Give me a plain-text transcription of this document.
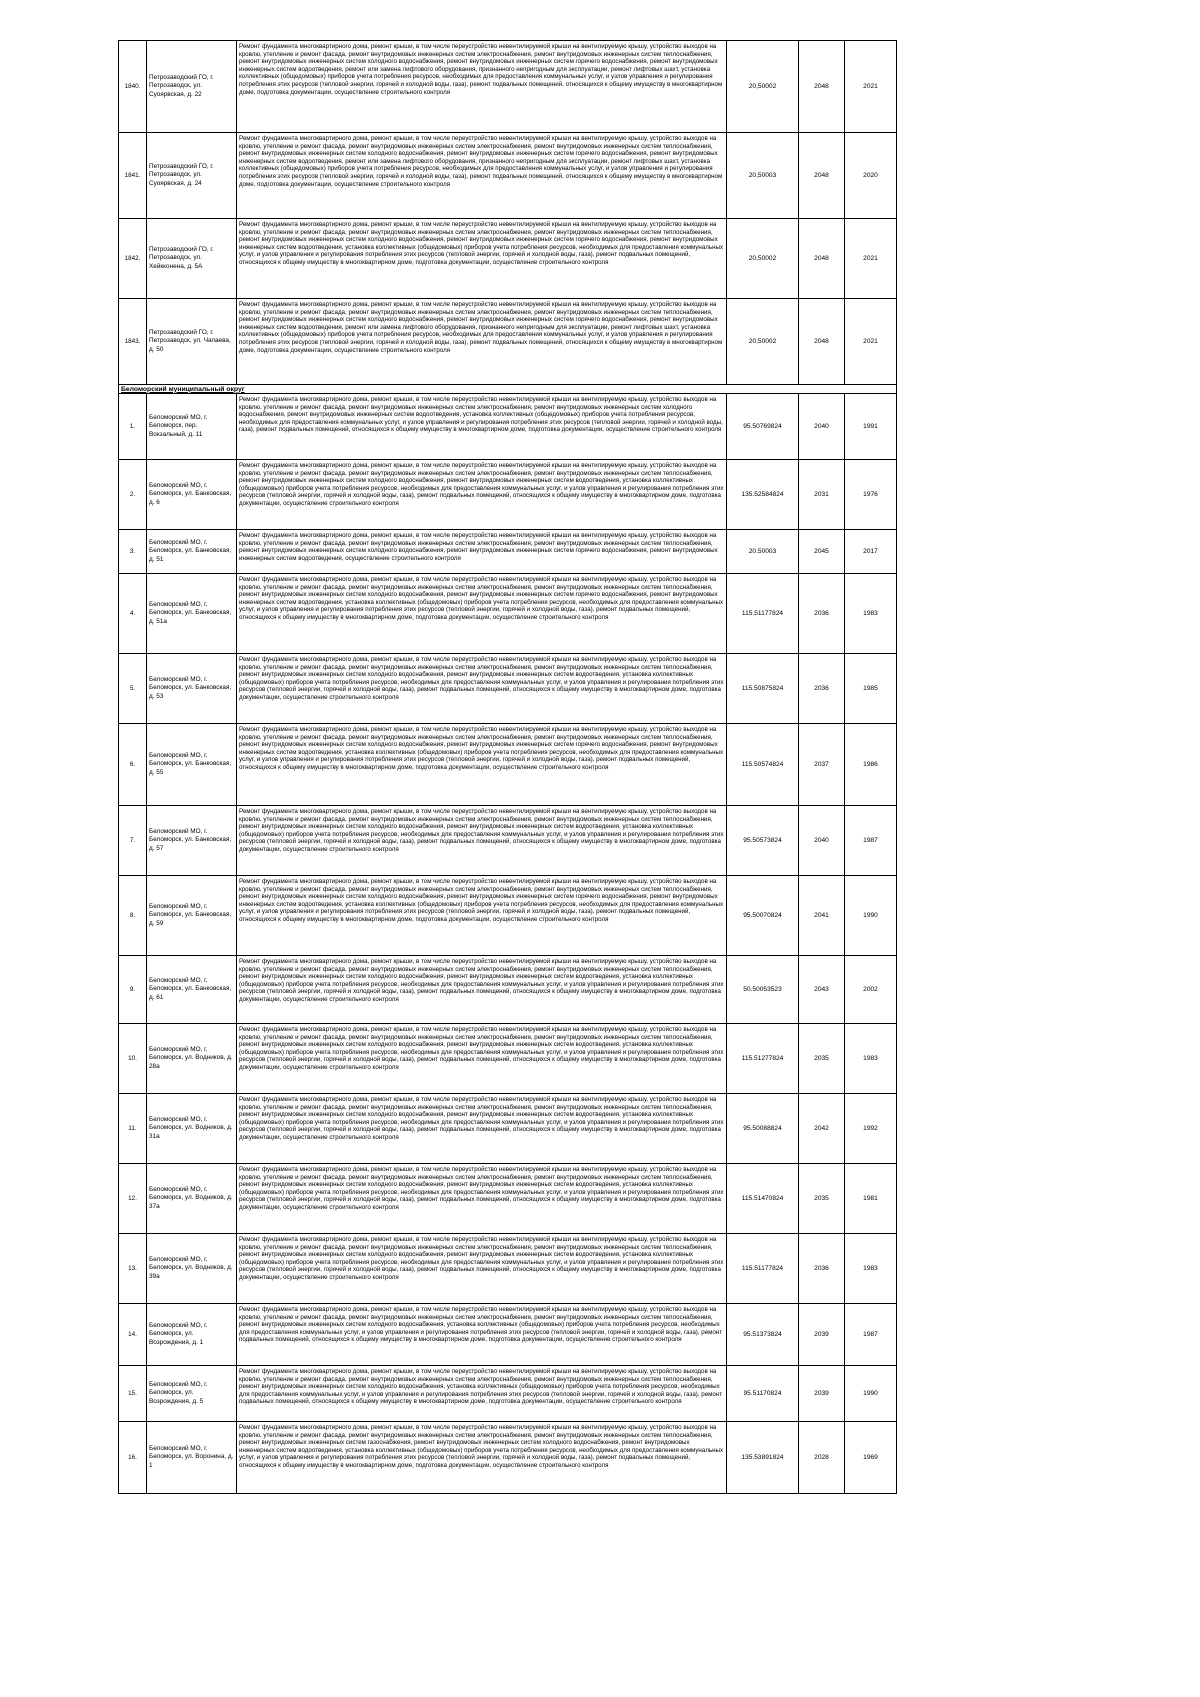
1840.	Петрозаводский ГО, г. Петрозаводск, ул. Суоярвская, д. 22	Ремонт фундамента многоквартирного дома, ремонт крыши, в том числе переустройство невентилируемой крыши на вентилируемую крышу, устройство выходов на кровлю, утепление и ремонт фасада, ремонт внутридомовых инженерных систем электроснабжения, ремонт внутридомовых инженерных систем теплоснабжения, ремонт внутридомовых инженерных систем холодного водоснабжения, ремонт внутридомовых инженерных систем горячего водоснабжения, ремонт внутридомовых инженерных систем водоотведения, ремонт или замена лифтового оборудования, признанного непригодным для эксплуатации, ремонт лифтовых шахт, установка коллективных (общедомовых) приборов учета потребления ресурсов, необходимых для предоставления коммунальных услуг, и узлов управления и регулирования потребления этих ресурсов (тепловой энергии, горячей и холодной воды, газа), ремонт подвальных помещений, относящихся к общему имуществу в многоквартирном доме, подготовка документации, осуществление строительного контроля	20,50002	2048	2021
1841.	Петрозаводский ГО, г. Петрозаводск, ул. Суоярвская, д. 24	Ремонт фундамента многоквартирного дома, ремонт крыши, в том числе переустройство невентилируемой крыши на вентилируемую крышу, устройство выходов на кровлю, утепление и ремонт фасада, ремонт внутридомовых инженерных систем электроснабжения, ремонт внутридомовых инженерных систем теплоснабжения, ремонт внутридомовых инженерных систем холодного водоснабжения, ремонт внутридомовых инженерных систем горячего водоснабжения, ремонт внутридомовых инженерных систем водоотведения, ремонт или замена лифтового оборудования, признанного непригодным для эксплуатации, ремонт лифтовых шахт, установка коллективных (общедомовых) приборов учета потребления ресурсов, необходимых для предоставления коммунальных услуг, и узлов управления и регулирования потребления этих ресурсов (тепловой энергии, горячей и холодной воды, газа), ремонт подвальных помещений, относящихся к общему имуществу в многоквартирном доме, подготовка документации, осуществление строительного контроля	20,50003	2048	2020
1842.	Петрозаводский ГО, г. Петрозаводск, ул. Хейкконена, д. 5А	Ремонт фундамента многоквартирного дома, ремонт крыши, в том числе переустройство невентилируемой крыши на вентилируемую крышу, устройство выходов на кровлю, утепление и ремонт фасада, ремонт внутридомовых инженерных систем электроснабжения, ремонт внутридомовых инженерных систем теплоснабжения, ремонт внутридомовых инженерных систем холодного водоснабжения, ремонт внутридомовых инженерных систем горячего водоснабжения, ремонт внутридомовых инженерных систем водоотведения, установка коллективных (общедомовых) приборов учета потребления ресурсов, необходимых для предоставления коммунальных услуг, и узлов управления и регулирования потребления этих ресурсов (тепловой энергии, горячей и холодной воды, газа), ремонт подвальных помещений, относящихся к общему имуществу в многоквартирном доме, подготовка документации, осуществление строительного контроля	20,50002	2048	2021
1843.	Петрозаводский ГО, г. Петрозаводск, ул. Чапаева, д. 50	Ремонт фундамента многоквартирного дома, ремонт крыши, в том числе переустройство невентилируемой крыши на вентилируемую крышу, устройство выходов на кровлю, утепление и ремонт фасада, ремонт внутридомовых инженерных систем электроснабжения, ремонт внутридомовых инженерных систем теплоснабжения, ремонт внутридомовых инженерных систем холодного водоснабжения, ремонт внутридомовых инженерных систем горячего водоснабжения, ремонт внутридомовых инженерных систем водоотведения, ремонт или замена лифтового оборудования, признанного непригодным для эксплуатации, ремонт лифтовых шахт, установка коллективных (общедомовых) приборов учета потребления ресурсов, необходимых для предоставления коммунальных услуг, и узлов управления и регулирования потребления этих ресурсов (тепловой энергии, горячей и холодной воды, газа), ремонт подвальных помещений, относящихся к общему имуществу в многоквартирном доме, подготовка документации, осуществление строительного контроля	20,50002	2048	2021
Беломорский муниципальный округ					
1.	Беломорский МО, г. Беломорск, пер. Вокзальный, д. 11	Ремонт фундамента многоквартирного дома, ремонт крыши, в том числе переустройство невентилируемой крыши на вентилируемую крышу, устройство выходов на кровлю, утепление и ремонт фасада, ремонт внутридомовых инженерных систем электроснабжения, ремонт внутридомовых инженерных систем холодного водоснабжения, ремонт внутридомовых инженерных систем водоотведения, установка коллективных (общедомовых) приборов учета потребления ресурсов, необходимых для предоставления коммунальных услуг, и узлов управления и регулирования потребления этих ресурсов (тепловой энергии, горячей и холодной воды, газа), ремонт подвальных помещений, относящихся к общему имуществу в многоквартирном доме, подготовка документации, осуществление строительного контроля	95.50769824	2040	1991
2.	Беломорский МО, г. Беломорск, ул. Банковская, д. 6	Ремонт фундамента многоквартирного дома, ремонт крыши, в том числе переустройство невентилируемой крыши на вентилируемую крышу, устройство выходов на кровлю, утепление и ремонт фасада, ремонт внутридомовых инженерных систем электроснабжения, ремонт внутридомовых инженерных систем теплоснабжения, ремонт внутридомовых инженерных систем холодного водоснабжения, ремонт внутридомовых инженерных систем водоотведения, установка коллективных (общедомовых) приборов учета потребления ресурсов, необходимых для предоставления коммунальных услуг, и узлов управления и регулирования потребления этих ресурсов (тепловой энергии, горячей и холодной воды, газа), ремонт подвальных помещений, относящихся к общему имуществу в многоквартирном доме, подготовка документации, осуществление строительного контроля	135.52584824	2031	1976
3.	Беломорский МО, г. Беломорск, ул. Банковская, д. 51	Ремонт фундамента многоквартирного дома, ремонт крыши, в том числе переустройство невентилируемой крыши на вентилируемую крышу, устройство выходов на кровлю, утепление и ремонт фасада, ремонт внутридомовых инженерных систем электроснабжения, ремонт внутридомовых инженерных систем теплоснабжения, ремонт внутридомовых инженерных систем холодного водоснабжения, ремонт внутридомовых инженерных систем горячего водоснабжения, ремонт внутридомовых инженерных систем водоотведения, осуществление строительного контроля	20.50003	2045	2017
4.	Беломорский МО, г. Беломорск, ул. Банковская, д. 51а	Ремонт фундамента многоквартирного дома, ремонт крыши, в том числе переустройство невентилируемой крыши на вентилируемую крышу, устройство выходов на кровлю, утепление и ремонт фасада, ремонт внутридомовых инженерных систем электроснабжения, ремонт внутридомовых инженерных систем теплоснабжения, ремонт внутридомовых инженерных систем холодного водоснабжения, ремонт внутридомовых инженерных систем горячего водоснабжения, ремонт внутридомовых инженерных систем водоотведения, установка коллективных (общедомовых) приборов учета потребления ресурсов, необходимых для предоставления коммунальных услуг, и узлов управления и регулирования потребления этих ресурсов (тепловой энергии, горячей и холодной воды, газа), ремонт подвальных помещений, относящихся к общему имуществу в многоквартирном доме, подготовка документации, осуществление строительного контроля	115.51177824	2036	1983
5.	Беломорский МО, г. Беломорск, ул. Банковская, д. 53	Ремонт фундамента многоквартирного дома, ремонт крыши, в том числе переустройство невентилируемой крыши на вентилируемую крышу, устройство выходов на кровлю, утепление и ремонт фасада, ремонт внутридомовых инженерных систем электроснабжения, ремонт внутридомовых инженерных систем теплоснабжения, ремонт внутридомовых инженерных систем холодного водоснабжения, ремонт внутридомовых инженерных систем водоотведения, установка коллективных (общедомовых) приборов учета потребления ресурсов, необходимых для предоставления коммунальных услуг, и узлов управления и регулирования потребления этих ресурсов (тепловой энергии, горячей и холодной воды, газа), ремонт подвальных помещений, относящихся к общему имуществу в многоквартирном доме, подготовка документации, осуществление строительного контроля	115.50875824	2036	1985
6.	Беломорский МО, г. Беломорск, ул. Банковская, д. 55	Ремонт фундамента многоквартирного дома, ремонт крыши, в том числе переустройство невентилируемой крыши на вентилируемую крышу, устройство выходов на кровлю, утепление и ремонт фасада, ремонт внутридомовых инженерных систем электроснабжения, ремонт внутридомовых инженерных систем теплоснабжения, ремонт внутридомовых инженерных систем холодного водоснабжения, ремонт внутридомовых инженерных систем горячего водоснабжения, ремонт внутридомовых инженерных систем водоотведения, установка коллективных (общедомовых) приборов учета потребления ресурсов, необходимых для предоставления коммунальных услуг, и узлов управления и регулирования потребления этих ресурсов (тепловой энергии, горячей и холодной воды, газа), ремонт подвальных помещений, относящихся к общему имуществу в многоквартирном доме, подготовка документации, осуществление строительного контроля	115.50574824	2037	1986
7.	Беломорский МО, г. Беломорск, ул. Банковская, д. 57	Ремонт фундамента многоквартирного дома, ремонт крыши, в том числе переустройство невентилируемой крыши на вентилируемую крышу, устройство выходов на кровлю, утепление и ремонт фасада, ремонт внутридомовых инженерных систем электроснабжения, ремонт внутридомовых инженерных систем теплоснабжения, ремонт внутридомовых инженерных систем холодного водоснабжения, ремонт внутридомовых инженерных систем водоотведения, установка коллективных (общедомовых) приборов учета потребления ресурсов, необходимых для предоставления коммунальных услуг, и узлов управления и регулирования потребления этих ресурсов (тепловой энергии, горячей и холодной воды, газа), ремонт подвальных помещений, относящихся к общему имуществу в многоквартирном доме, подготовка документации, осуществление строительного контроля	95.50573824	2040	1987
8.	Беломорский МО, г. Беломорск, ул. Банковская, д. 59	Ремонт фундамента многоквартирного дома, ремонт крыши, в том числе переустройство невентилируемой крыши на вентилируемую крышу, устройство выходов на кровлю, утепление и ремонт фасада, ремонт внутридомовых инженерных систем электроснабжения, ремонт внутридомовых инженерных систем теплоснабжения, ремонт внутридомовых инженерных систем холодного водоснабжения, ремонт внутридомовых инженерных систем горячего водоснабжения, ремонт внутридомовых инженерных систем водоотведения, установка коллективных (общедомовых) приборов учета потребления ресурсов, необходимых для предоставления коммунальных услуг, и узлов управления и регулирования потребления этих ресурсов (тепловой энергии, горячей и холодной воды, газа), ремонт подвальных помещений, относящихся к общему имуществу в многоквартирном доме, подготовка документации, осуществление строительного контроля	95.50070824	2041	1990
9.	Беломорский МО, г. Беломорск, ул. Банковская, д. 61	Ремонт фундамента многоквартирного дома, ремонт крыши, в том числе переустройство невентилируемой крыши на вентилируемую крышу, устройство выходов на кровлю, утепление и ремонт фасада, ремонт внутридомовых инженерных систем электроснабжения, ремонт внутридомовых инженерных систем теплоснабжения, ремонт внутридомовых инженерных систем холодного водоснабжения, ремонт внутридомовых инженерных систем водоотведения, установка коллективных (общедомовых) приборов учета потребления ресурсов, необходимых для предоставления коммунальных услуг, и узлов управления и регулирования потребления этих ресурсов (тепловой энергии, горячей и холодной воды, газа), ремонт подвальных помещений, относящихся к общему имуществу в многоквартирном доме, подготовка документации, осуществление строительного контроля	50.50053523	2043	2002
10.	Беломорский МО, г. Беломорск, ул. Водников, д. 28а	Ремонт фундамента многоквартирного дома, ремонт крыши, в том числе переустройство невентилируемой крыши на вентилируемую крышу, устройство выходов на кровлю, утепление и ремонт фасада, ремонт внутридомовых инженерных систем электроснабжения, ремонт внутридомовых инженерных систем теплоснабжения, ремонт внутридомовых инженерных систем холодного водоснабжения, ремонт внутридомовых инженерных систем водоотведения, установка коллективных (общедомовых) приборов учета потребления ресурсов, необходимых для предоставления коммунальных услуг, и узлов управления и регулирования потребления этих ресурсов (тепловой энергии, горячей и холодной воды, газа), ремонт подвальных помещений, относящихся к общему имуществу в многоквартирном доме, подготовка документации, осуществление строительного контроля	115.51277824	2035	1983
11.	Беломорский МО, г. Беломорск, ул. Водников, д. 31а	Ремонт фундамента многоквартирного дома, ремонт крыши, в том числе переустройство невентилируемой крыши на вентилируемую крышу, устройство выходов на кровлю, утепление и ремонт фасада, ремонт внутридомовых инженерных систем электроснабжения, ремонт внутридомовых инженерных систем теплоснабжения, ремонт внутридомовых инженерных систем холодного водоснабжения, ремонт внутридомовых инженерных систем водоотведения, установка коллективных (общедомовых) приборов учета потребления ресурсов, необходимых для предоставления коммунальных услуг, и узлов управления и регулирования потребления этих ресурсов (тепловой энергии, горячей и холодной воды, газа), ремонт подвальных помещений, относящихся к общему имуществу в многоквартирном доме, подготовка документации, осуществление строительного контроля	95.50088824	2042	1992
12.	Беломорский МО, г. Беломорск, ул. Водников, д. 37а	Ремонт фундамента многоквартирного дома, ремонт крыши, в том числе переустройство невентилируемой крыши на вентилируемую крышу, устройство выходов на кровлю, утепление и ремонт фасада, ремонт внутридомовых инженерных систем электроснабжения, ремонт внутридомовых инженерных систем теплоснабжения, ремонт внутридомовых инженерных систем холодного водоснабжения, ремонт внутридомовых инженерных систем водоотведения, установка коллективных (общедомовых) приборов учета потребления ресурсов, необходимых для предоставления коммунальных услуг, и узлов управления и регулирования потребления этих ресурсов (тепловой энергии, горячей и холодной воды, газа), ремонт подвальных помещений, относящихся к общему имуществу в многоквартирном доме, подготовка документации, осуществление строительного контроля	115.51470824	2035	1981
13.	Беломорский МО, г. Беломорск, ул. Водников, д. 39а	Ремонт фундамента многоквартирного дома, ремонт крыши, в том числе переустройство невентилируемой крыши на вентилируемую крышу, устройство выходов на кровлю, утепление и ремонт фасада, ремонт внутридомовых инженерных систем электроснабжения, ремонт внутридомовых инженерных систем теплоснабжения, ремонт внутридомовых инженерных систем холодного водоснабжения, ремонт внутридомовых инженерных систем водоотведения, установка коллективных (общедомовых) приборов учета потребления ресурсов, необходимых для предоставления коммунальных услуг, и узлов управления и регулирования потребления этих ресурсов (тепловой энергии, горячей и холодной воды, газа), ремонт подвальных помещений, относящихся к общему имуществу в многоквартирном доме, подготовка документации, осуществление строительного контроля	115.51177824	2036	1983
14.	Беломорский МО, г. Беломорск, ул. Возрождения, д. 1	Ремонт фундамента многоквартирного дома, ремонт крыши, в том числе переустройство невентилируемой крыши на вентилируемую крышу, устройство выходов на кровлю, утепление и ремонт фасада, ремонт внутридомовых инженерных систем электроснабжения, ремонт внутридомовых инженерных систем теплоснабжения, ремонт внутридомовых инженерных систем холодного водоснабжения, установка коллективных (общедомовых) приборов учета потребления ресурсов, необходимых для предоставления коммунальных услуг, и узлов управления и регулирования потребления этих ресурсов (тепловой энергии, горячей и холодной воды, газа), ремонт подвальных помещений, относящихся к общему имуществу в многоквартирном доме, подготовка документации, осуществление строительного контроля	95.51373824	2039	1987
15.	Беломорский МО, г. Беломорск, ул. Возрождения, д. 5	Ремонт фундамента многоквартирного дома, ремонт крыши, в том числе переустройство невентилируемой крыши на вентилируемую крышу, устройство выходов на кровлю, утепление и ремонт фасада, ремонт внутридомовых инженерных систем электроснабжения, ремонт внутридомовых инженерных систем теплоснабжения, ремонт внутридомовых инженерных систем холодного водоснабжения, установка коллективных (общедомовых) приборов учета потребления ресурсов, необходимых для предоставления коммунальных услуг, и узлов управления и регулирования потребления этих ресурсов (тепловой энергии, горячей и холодной воды, газа), ремонт подвальных помещений, относящихся к общему имуществу в многоквартирном доме, подготовка документации, осуществление строительного контроля	95.51170824	2039	1990
16.	Беломорский МО, г. Беломорск, ул. Воронина, д. 1	Ремонт фундамента многоквартирного дома, ремонт крыши, в том числе переустройство невентилируемой крыши на вентилируемую крышу, устройство выходов на кровлю, утепление и ремонт фасада, ремонт внутридомовых инженерных систем электроснабжения, ремонт внутридомовых инженерных систем теплоснабжения, ремонт внутридомовых инженерных систем газоснабжения, ремонт внутридомовых инженерных систем холодного водоснабжения, ремонт внутридомовых инженерных систем водоотведения, установка коллективных (общедомовых) приборов учета потребления ресурсов, необходимых для предоставления коммунальных услуг, и узлов управления и регулирования потребления этих ресурсов (тепловой энергии, горячей и холодной воды, газа), ремонт подвальных помещений, относящихся к общему имуществу в многоквартирном доме, подготовка документации, осуществление строительного контроля	135.53891824	2028	1969
